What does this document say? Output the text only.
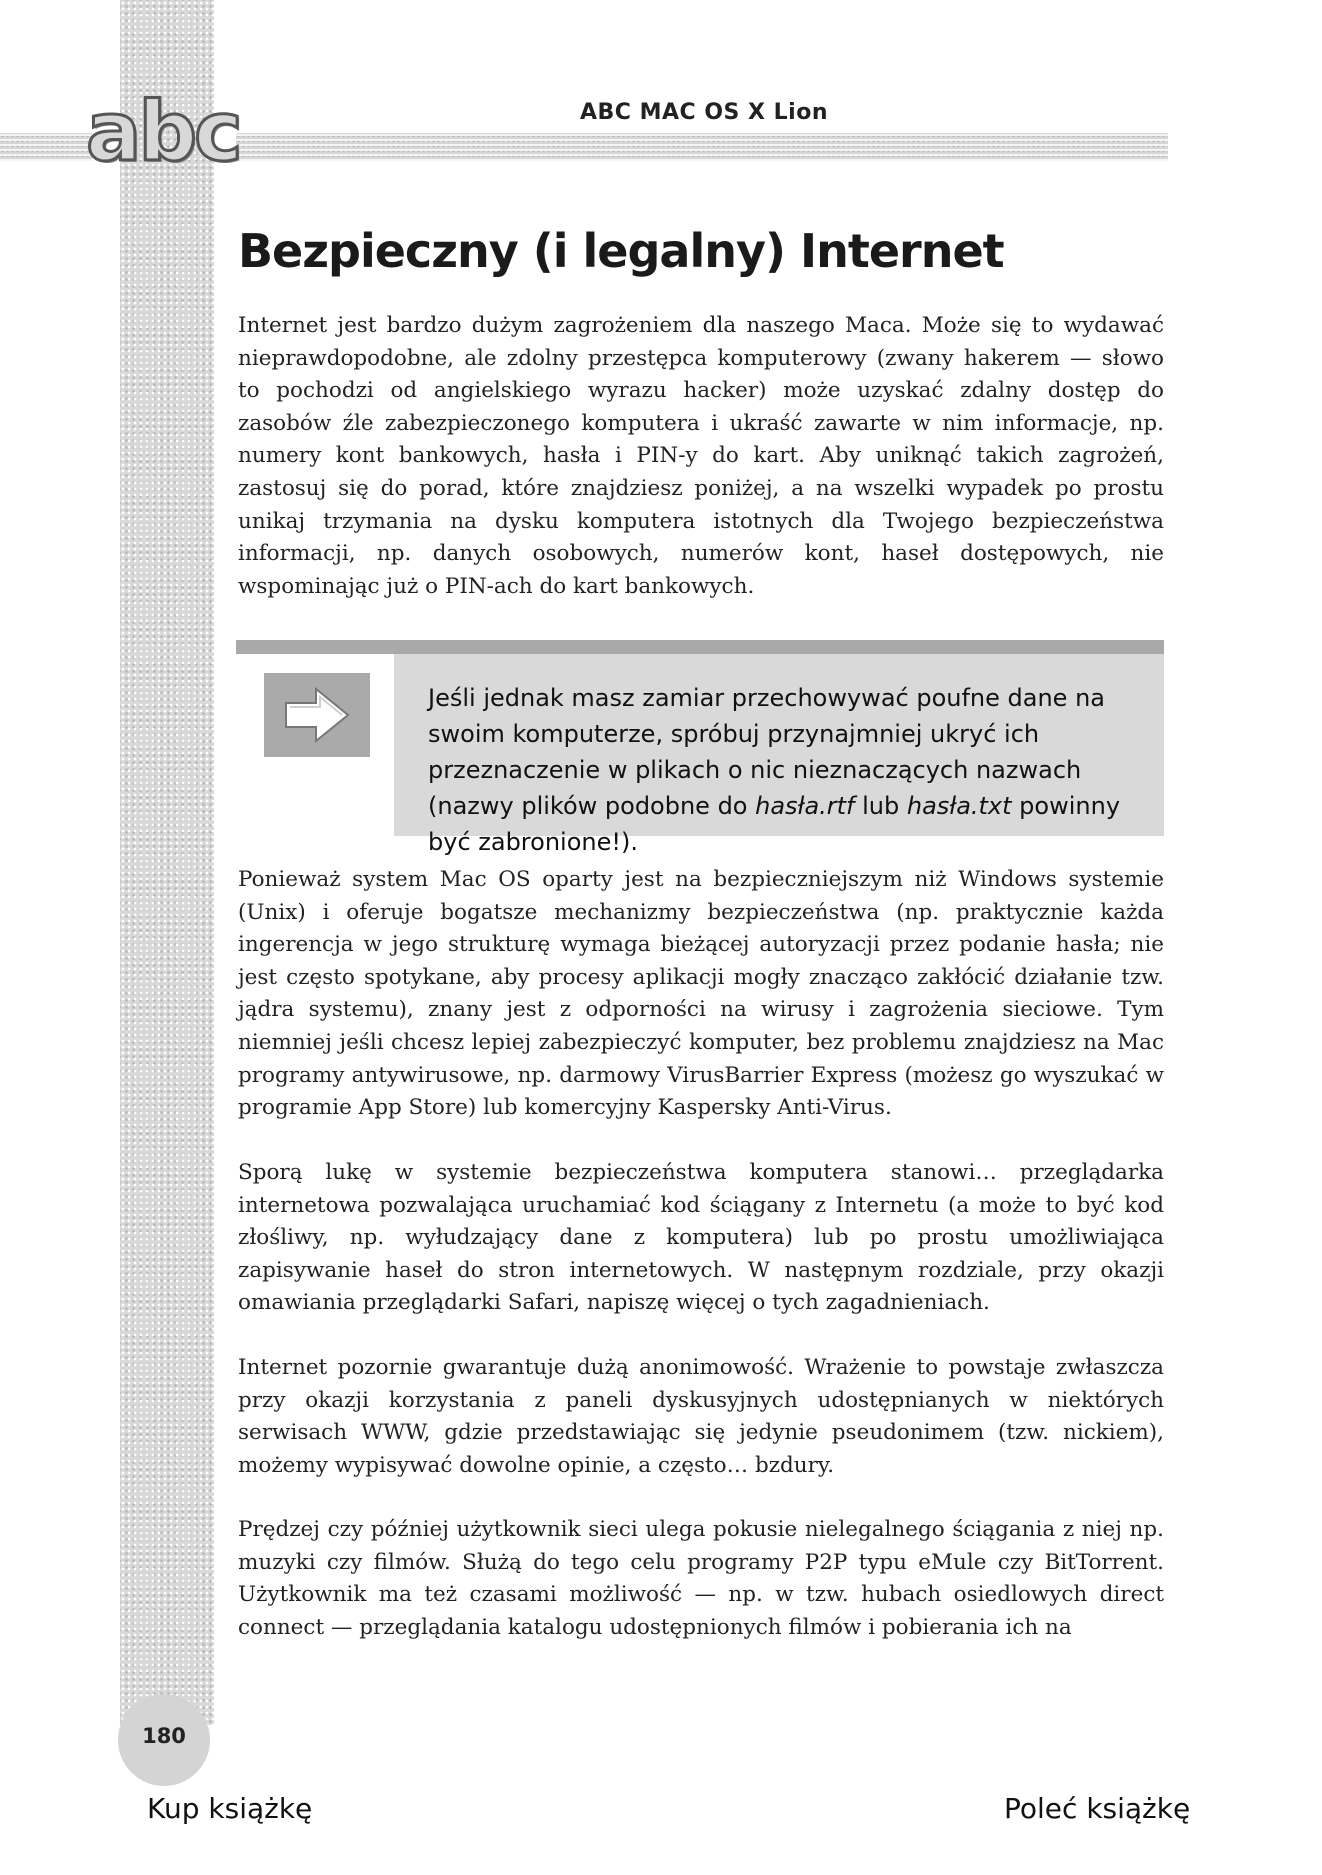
abc	ABC MAC OS X Lion
Bezpieczny (i legalny) Internet

Internet jest bardzo dużym zagrożeniem dla naszego Maca. Może się to wydawać nieprawdopodobne, ale zdolny przestępca komputerowy (zwany hakerem — słowo to pochodzi od angielskiego wyrazu hacker) może uzyskać zdalny dostęp do zasobów źle zabezpieczonego komputera i ukraść zawarte w nim informacje, np. numery kont bankowych, hasła i PIN-y do kart. Aby uniknąć takich zagrożeń, zastosuj się do porad, które znajdziesz poniżej, a na wszelki wypadek po prostu unikaj trzymania na dysku komputera istotnych dla Twojego bezpieczeństwa informacji, np. danych osobowych, numerów kont, haseł dostępowych, nie wspominając już o PIN-ach do kart bankowych.

Jeśli jednak masz zamiar przechowywać poufne dane na swoim komputerze, spróbuj przynajmniej ukryć ich przeznaczenie w plikach o nic nieznaczących nazwach (nazwy plików podobne do hasła.rtf lub hasła.txt powinny być zabronione!).

Ponieważ system Mac OS oparty jest na bezpieczniejszym niż Windows systemie (Unix) i oferuje bogatsze mechanizmy bezpieczeństwa (np. praktycznie każda ingerencja w jego strukturę wymaga bieżącej autoryzacji przez podanie hasła; nie jest często spotykane, aby procesy aplikacji mogły znacząco zakłócić działanie tzw. jądra systemu), znany jest z odporności na wirusy i zagrożenia sieciowe. Tym niemniej jeśli chcesz lepiej zabezpieczyć komputer, bez problemu znajdziesz na Mac programy antywirusowe, np. darmowy VirusBarrier Express (możesz go wyszukać w programie App Store) lub komercyjny Kaspersky Anti-Virus.

Sporą lukę w systemie bezpieczeństwa komputera stanowi… przeglądarka internetowa pozwalająca uruchamiać kod ściągany z Internetu (a może to być kod złośliwy, np. wyłudzający dane z komputera) lub po prostu umożliwiająca zapisywanie haseł do stron internetowych. W następnym rozdziale, przy okazji omawiania przeglądarki Safari, napiszę więcej o tych zagadnieniach.

Internet pozornie gwarantuje dużą anonimowość. Wrażenie to powstaje zwłaszcza przy okazji korzystania z paneli dyskusyjnych udostępnianych w niektórych serwisach WWW, gdzie przedstawiając się jedynie pseudonimem (tzw. nickiem), możemy wypisywać dowolne opinie, a często… bzdury.

Prędzej czy później użytkownik sieci ulega pokusie nielegalnego ściągania z niej np. muzyki czy filmów. Służą do tego celu programy P2P typu eMule czy BitTorrent. Użytkownik ma też czasami możliwość — np. w tzw. hubach osiedlowych direct connect — przeglądania katalogu udostępnionych filmów i pobierania ich na

180
Kup książkę	Poleć książkę
